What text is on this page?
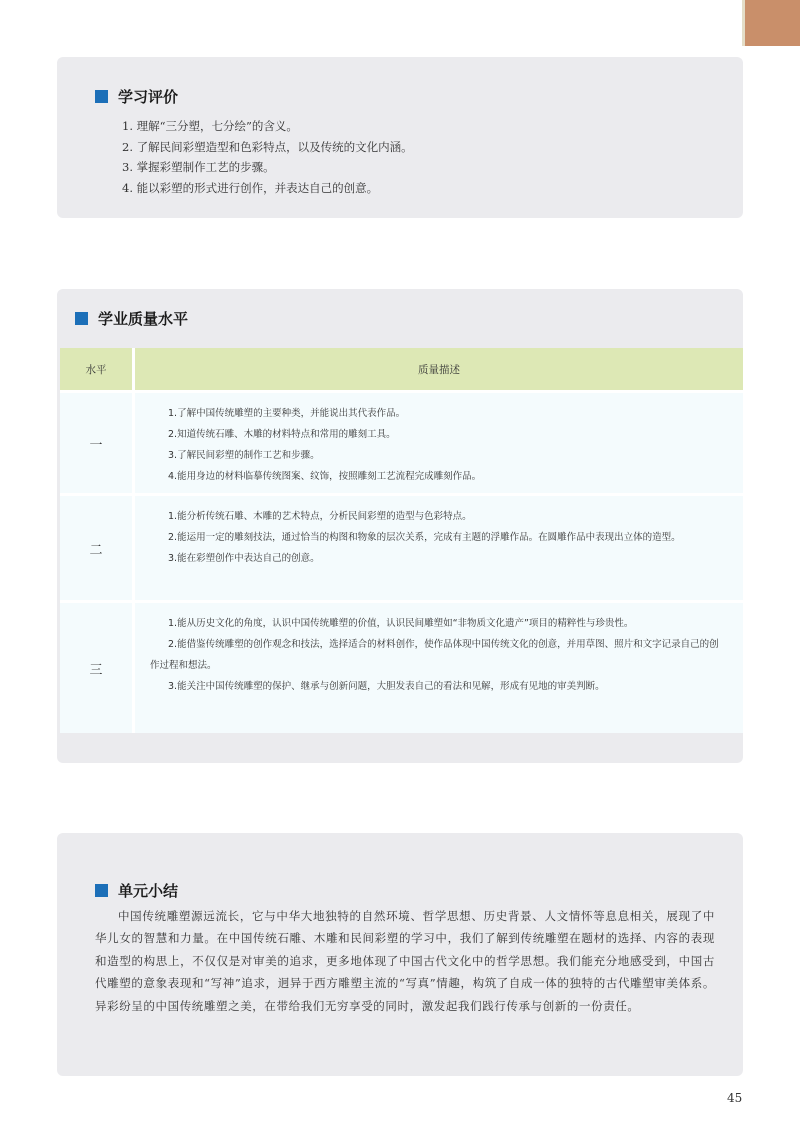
学习评价
1. 理解“三分塑，七分绘”的含义。
2. 了解民间彩塑造型和色彩特点，以及传统的文化内涵。
3. 掌握彩塑制作工艺的步骤。
4. 能以彩塑的形式进行创作，并表达自己的创意。
学业质量水平
水平	质量描述
一

1.了解中国传统雕塑的主要种类，并能说出其代表作品。

2.知道传统石雕、木雕的材料特点和常用的雕刻工具。

3.了解民间彩塑的制作工艺和步骤。

4.能用身边的材料临摹传统图案、纹饰，按照雕刻工艺流程完成雕刻作品。

二

1.能分析传统石雕、木雕的艺术特点，分析民间彩塑的造型与色彩特点。

2.能运用一定的雕刻技法，通过恰当的构图和物象的层次关系，完成有主题的浮雕作品。在圆雕作品中表现出立体的造型。

3.能在彩塑创作中表达自己的创意。

三

1.能从历史文化的角度，认识中国传统雕塑的价值，认识民间雕塑如“非物质文化遗产”项目的精粹性与珍贵性。

2.能借鉴传统雕塑的创作观念和技法，选择适合的材料创作，使作品体现中国传统文化的创意，并用草图、照片和文字记录自己的创作过程和想法。

3.能关注中国传统雕塑的保护、继承与创新问题，大胆发表自己的看法和见解，形成有见地的审美判断。

单元小结

中国传统雕塑源远流长，它与中华大地独特的自然环境、哲学思想、历史背景、人文情怀等息息相关，展现了中华儿女的智慧和力量。在中国传统石雕、木雕和民间彩塑的学习中，我们了解到传统雕塑在题材的选择、内容的表现和造型的构思上，不仅仅是对审美的追求，更多地体现了中国古代文化中的哲学思想。我们能充分地感受到，中国古代雕塑的意象表现和“写神”追求，迥异于西方雕塑主流的“写真”情趣，构筑了自成一体的独特的古代雕塑审美体系。异彩纷呈的中国传统雕塑之美，在带给我们无穷享受的同时，激发起我们践行传承与创新的一份责任。

45
